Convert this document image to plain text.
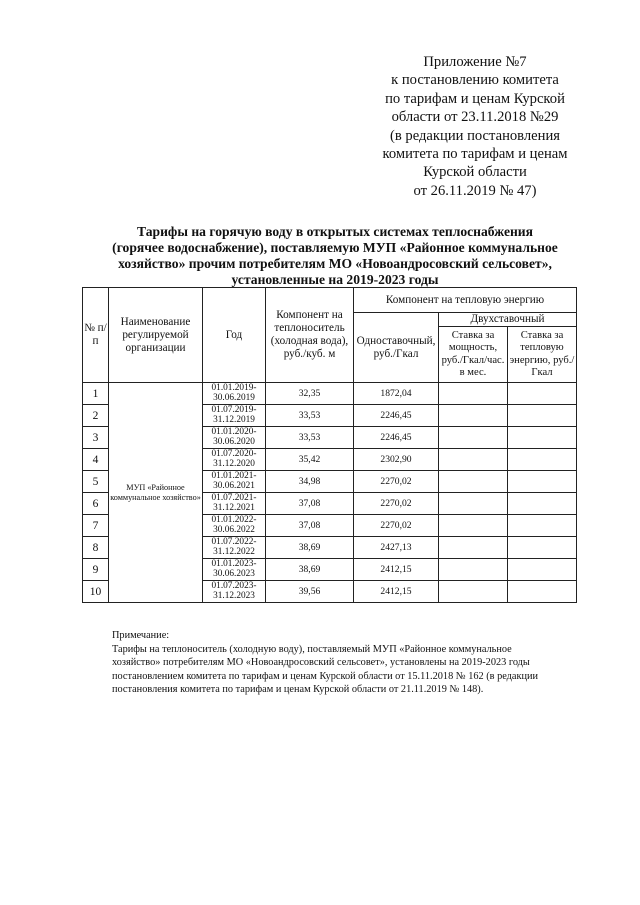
Приложение №7
к постановлению комитета
по тарифам и ценам Курской
области от 23.11.2018 №29
(в редакции постановления
комитета по тарифам и ценам
Курской области
от 26.11.2019 № 47)
Тарифы на горячую воду в открытых системах теплоснабжения
(горячее водоснабжение), поставляемую МУП «Районное коммунальное
хозяйство» прочим потребителям МО «Новоандросовский сельсовет»,
установленные на 2019-2023 годы
№ п/п	Наименование регулируемой организации	Год	Компонент на теплоноситель (холодная вода), руб./куб. м	Компонент на тепловую энергию		
				Одноставочный, руб./Гкал	Двухставочный	
					Ставка за мощность, руб./Гкал/час. в мес.	Ставка за тепловую энергию, руб./Гкал
1	МУП «Районное коммунальное хозяйство»	01.01.2019-
30.06.2019	32,35	1872,04		
2		01.07.2019-
31.12.2019	33,53	2246,45		
3		01.01.2020-
30.06.2020	33,53	2246,45		
4		01.07.2020-
31.12.2020	35,42	2302,90		
5		01.01.2021-
30.06.2021	34,98	2270,02		
6		01.07.2021-
31.12.2021	37,08	2270,02		
7		01.01.2022-
30.06.2022	37,08	2270,02		
8		01.07.2022-
31.12.2022	38,69	2427,13		
9		01.01.2023-
30.06.2023	38,69	2412,15		
10		01.07.2023-
31.12.2023	39,56	2412,15		
Примечание:
Тарифы на теплоноситель (холодную воду), поставляемый МУП «Районное коммунальное
хозяйство» потребителям МО «Новоандросовский сельсовет», установлены на 2019-2023 годы
постановлением комитета по тарифам и ценам Курской области от 15.11.2018 № 162 (в редакции
постановления комитета по тарифам и ценам Курской области от 21.11.2019 № 148).
